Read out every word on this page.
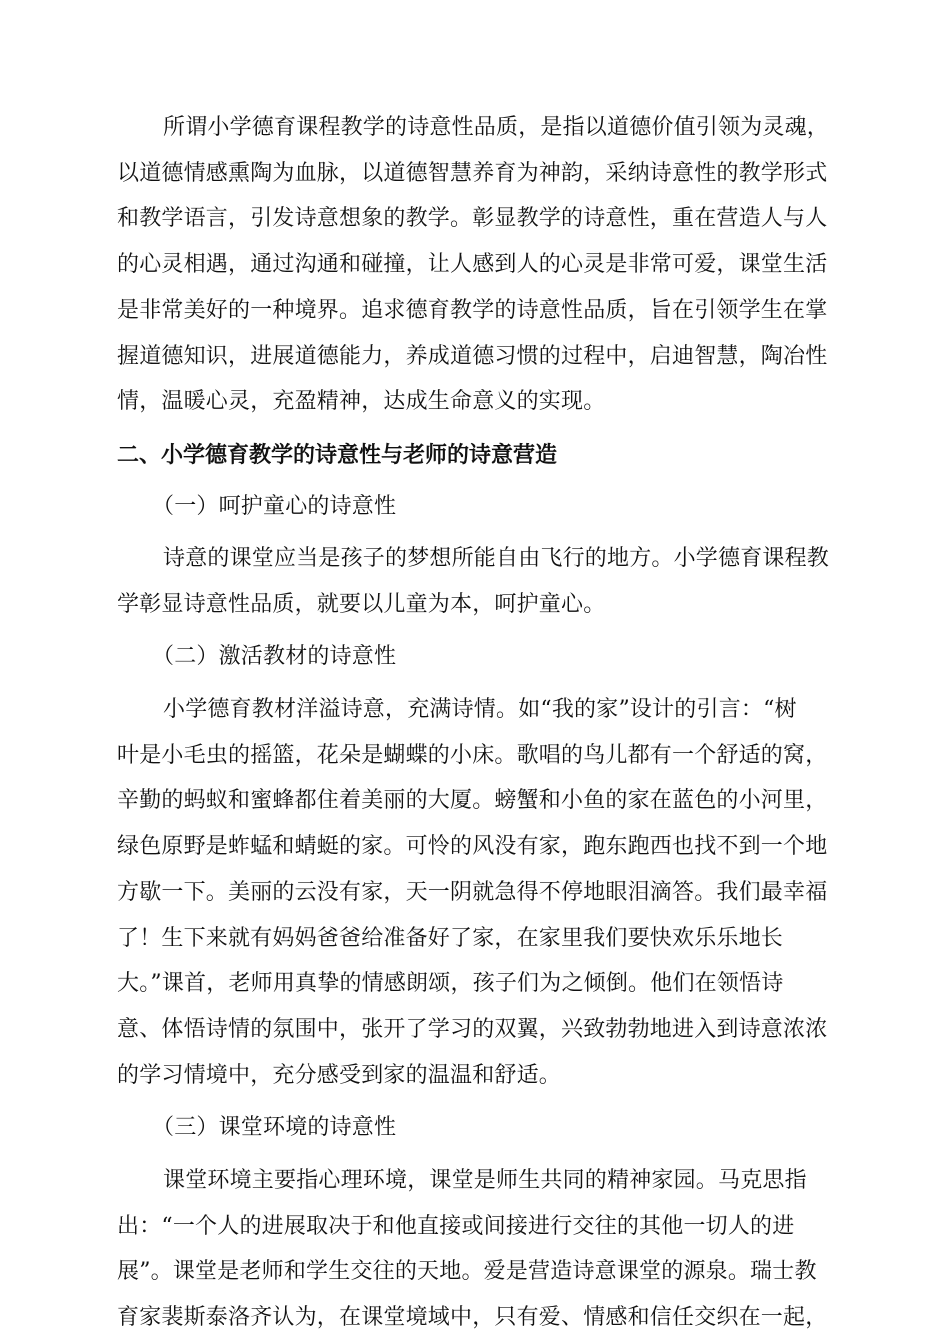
所谓小学德育课程教学的诗意性品质，是指以道德价值引领为灵魂，
以道德情感熏陶为血脉，以道德智慧养育为神韵，采纳诗意性的教学形式
和教学语言，引发诗意想象的教学。彰显教学的诗意性，重在营造人与人
的心灵相遇，通过沟通和碰撞，让人感到人的心灵是非常可爱，课堂生活
是非常美好的一种境界。追求德育教学的诗意性品质，旨在引领学生在掌
握道德知识，进展道德能力，养成道德习惯的过程中，启迪智慧，陶冶性
情，温暖心灵，充盈精神，达成生命意义的实现。
二、小学德育教学的诗意性与老师的诗意营造
（一）呵护童心的诗意性
诗意的课堂应当是孩子的梦想所能自由飞行的地方。小学德育课程教
学彰显诗意性品质，就要以儿童为本，呵护童心。
（二）激活教材的诗意性
小学德育教材洋溢诗意，充满诗情。如“我的家”设计的引言：“树
叶是小毛虫的摇篮，花朵是蝴蝶的小床。歌唱的鸟儿都有一个舒适的窝，
辛勤的蚂蚁和蜜蜂都住着美丽的大厦。螃蟹和小鱼的家在蓝色的小河里，
绿色原野是蚱蜢和蜻蜓的家。可怜的风没有家，跑东跑西也找不到一个地
方歇一下。美丽的云没有家，天一阴就急得不停地眼泪滴答。我们最幸福
了！生下来就有妈妈爸爸给准备好了家，在家里我们要快欢乐乐地长
大。”课首，老师用真挚的情感朗颂，孩子们为之倾倒。他们在领悟诗
意、体悟诗情的氛围中，张开了学习的双翼，兴致勃勃地进入到诗意浓浓
的学习情境中，充分感受到家的温温和舒适。
（三）课堂环境的诗意性
课堂环境主要指心理环境，课堂是师生共同的精神家园。马克思指
出：“一个人的进展取决于和他直接或间接进行交往的其他一切人的进
展”。课堂是老师和学生交往的天地。爱是营造诗意课堂的源泉。瑞士教
育家裴斯泰洛齐认为，在课堂境域中，只有爱、情感和信任交织在一起，
